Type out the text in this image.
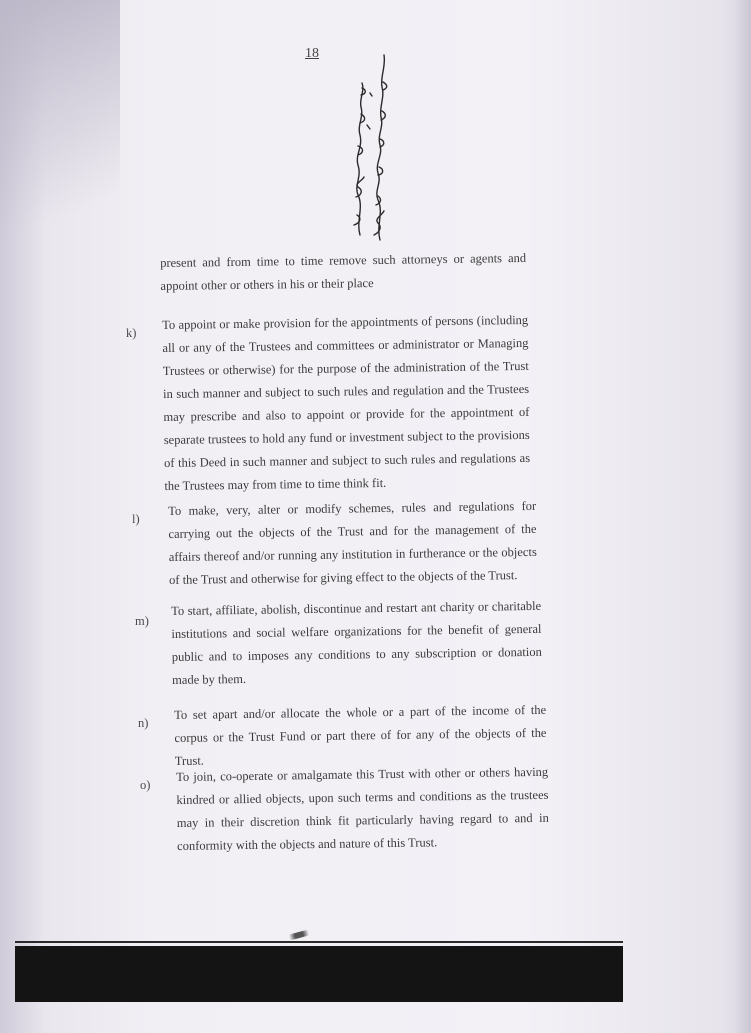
18

present and from time to time remove such attorneys or agents and appoint other or others in his or their place

k)

To appoint or make provision for the appointments of persons (including all or any of the Trustees and committees or administrator or Managing Trustees or otherwise) for the purpose of the administration of the Trust in such manner and subject to such rules and regulation and the Trustees may prescribe and also to appoint or provide for the appointment of separate trustees to hold any fund or investment subject to the provisions of this Deed in such manner and subject to such rules and regulations as the Trustees may from time to time think fit.

l)

To make, very, alter or modify schemes, rules and regulations for carrying out the objects of the Trust and for the management of the affairs thereof and/or running any institution in furtherance or the objects of the Trust and otherwise for giving effect to the objects of the Trust.

m)

To start, affiliate, abolish, discontinue and restart ant charity or charitable institutions and social welfare organizations for the benefit of general public and to imposes any conditions to any subscription or donation made by them.

n)

To set apart and/or allocate the whole or a part of the income of the corpus or the Trust Fund or part there of for any of the objects of the Trust.

o)

To join, co-operate or amalgamate this Trust with other or others having kindred or allied objects, upon such terms and conditions as the trustees may in their discretion think fit particularly having regard to and in conformity with the objects and nature of this Trust.
